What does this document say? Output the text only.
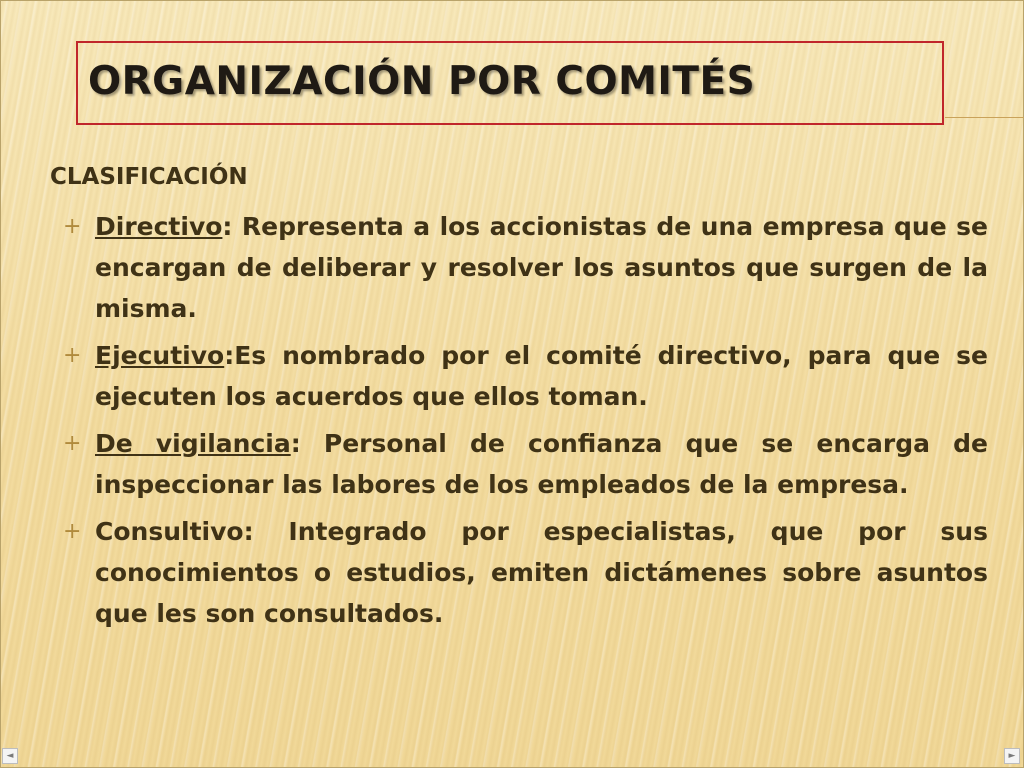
ORGANIZACIÓN POR COMITÉS
CLASIFICACIÓN
+ Directivo: Representa a los accionistas de una empresa que se encargan de deliberar y resolver los asuntos que surgen de la misma.
+ Ejecutivo:Es nombrado por el comité directivo, para que se ejecuten los acuerdos que ellos toman.
+ De vigilancia: Personal de confianza que se encarga de inspeccionar las labores de los empleados de la empresa.
+ Consultivo: Integrado por especialistas, que por sus conocimientos o estudios, emiten dictámenes sobre asuntos que les son consultados.
◄	►
